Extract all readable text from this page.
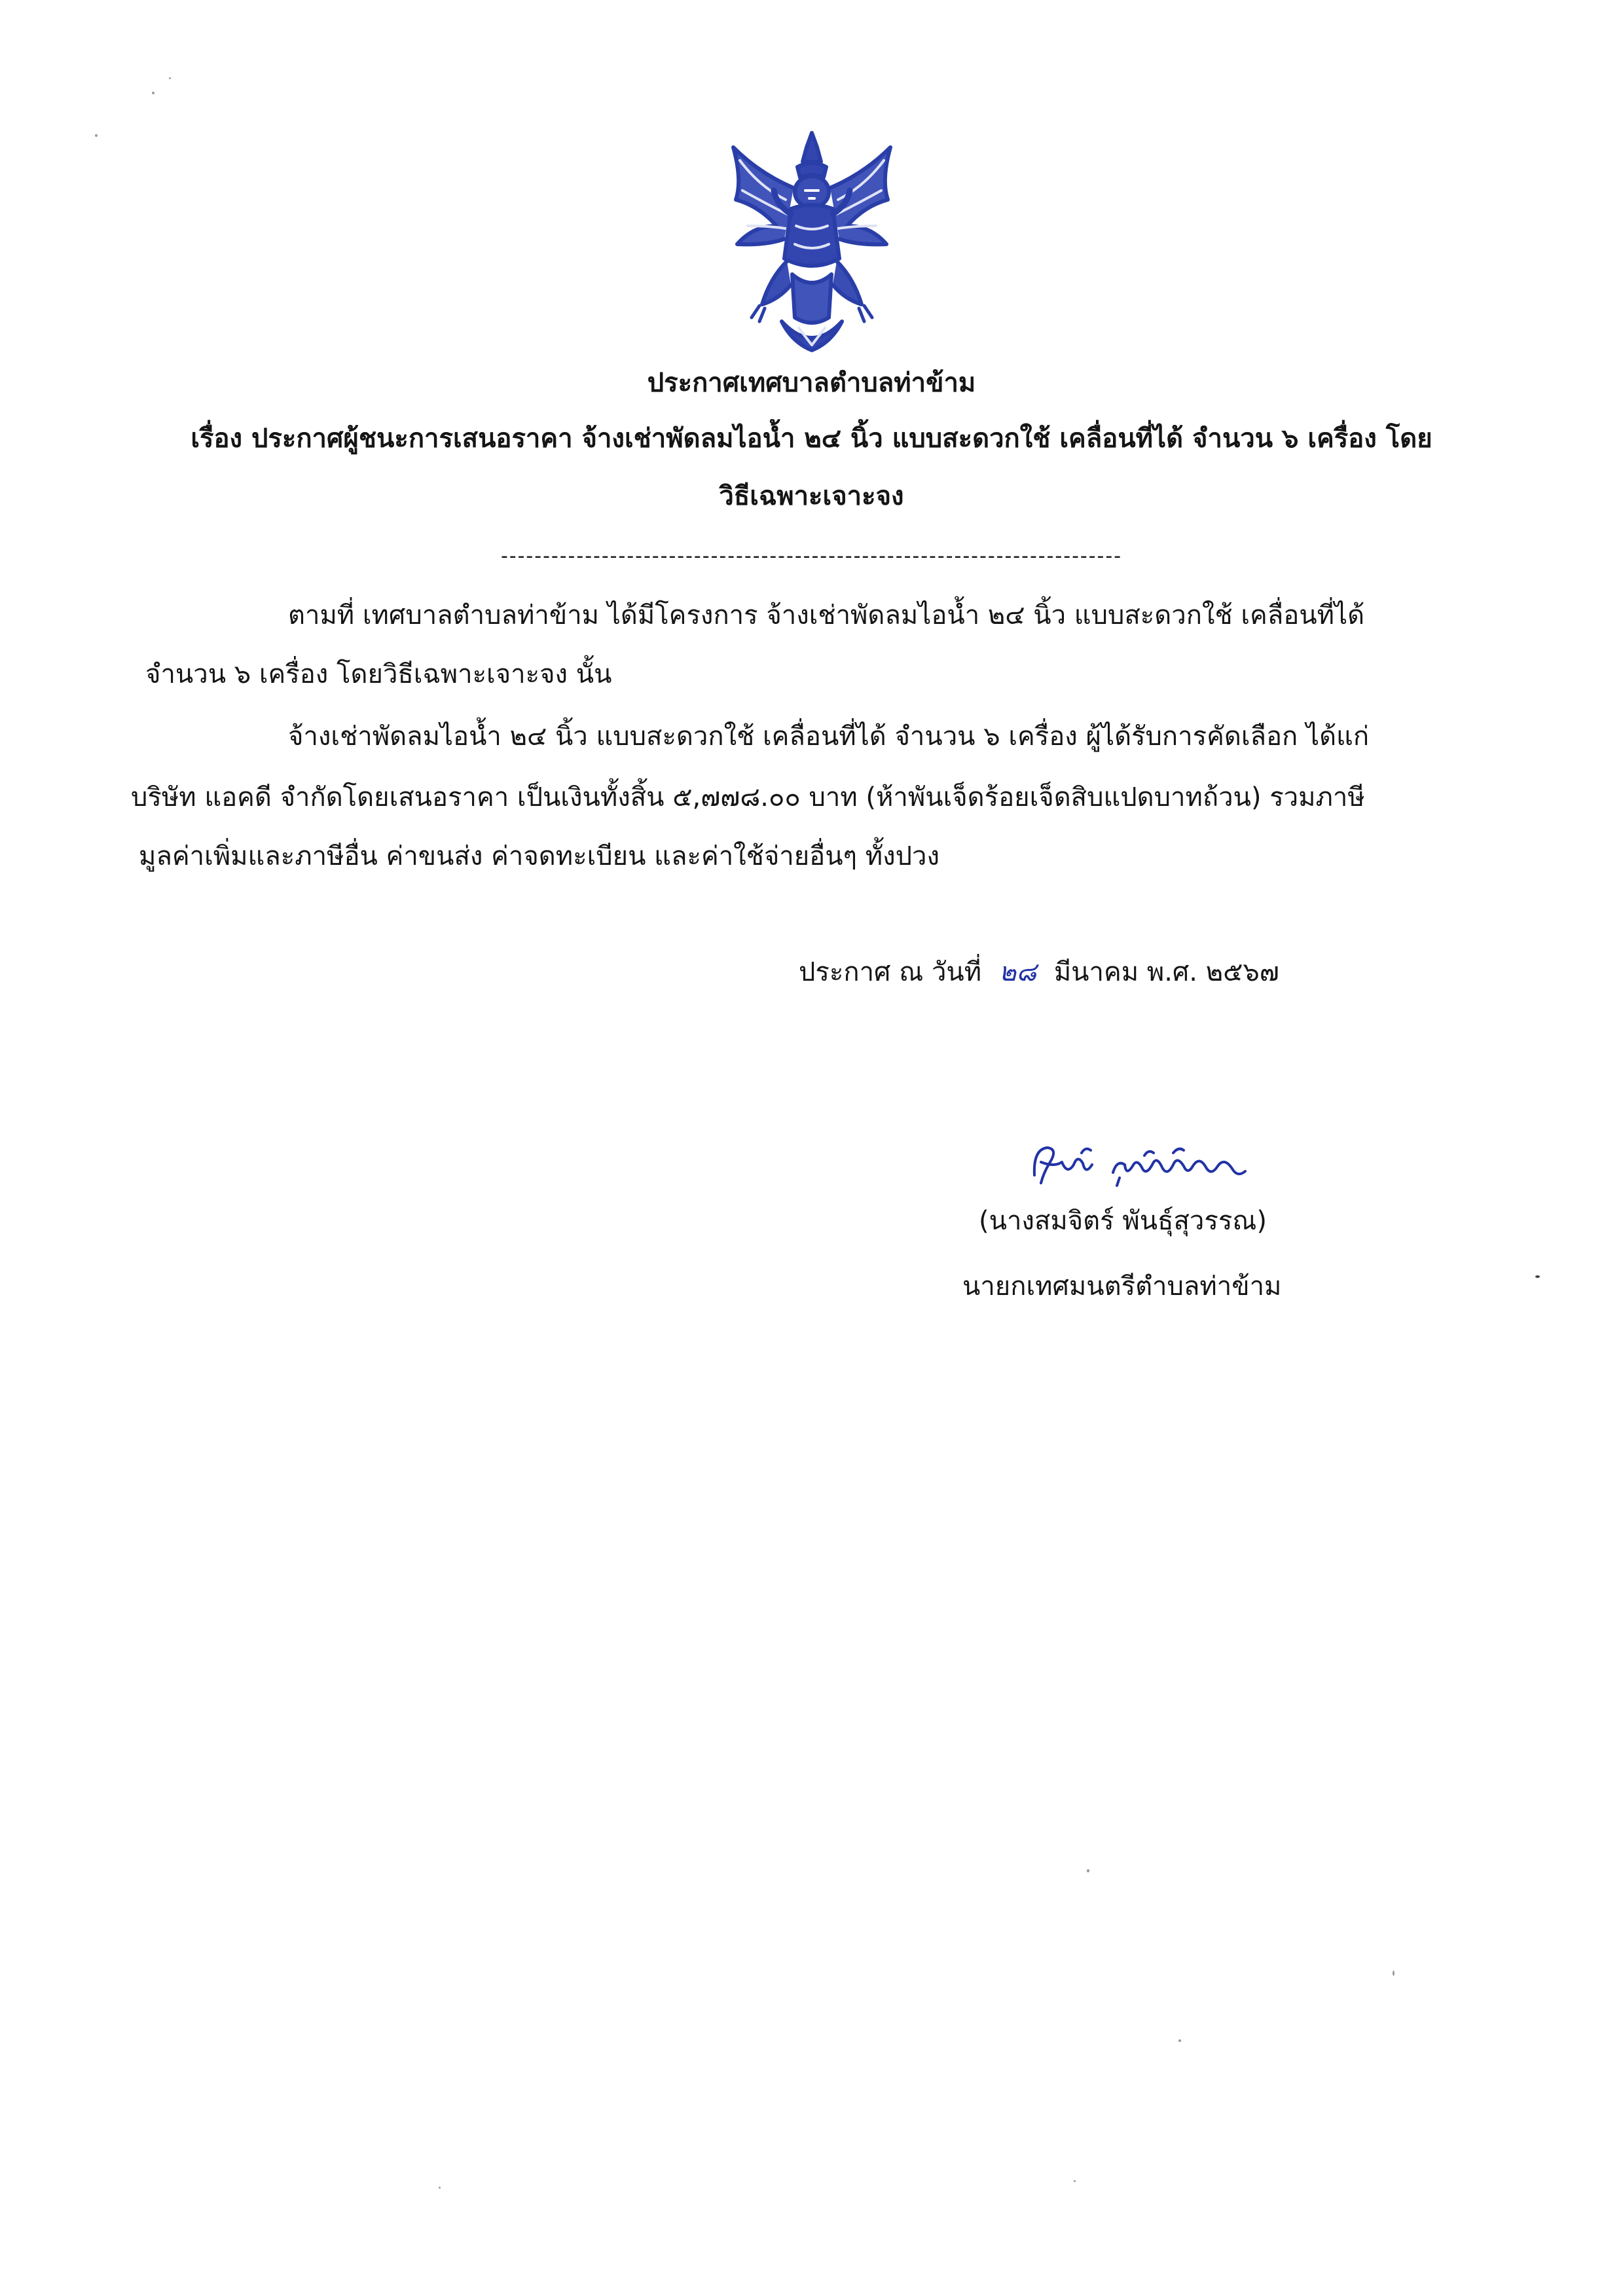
ประกาศเทศบาลตำบลท่าข้าม

เรื่อง ประกาศผู้ชนะการเสนอราคา จ้างเช่าพัดลมไอน้ำ ๒๔ นิ้ว แบบสะดวกใช้ เคลื่อนที่ได้ จำนวน ๖ เครื่อง โดย

วิธีเฉพาะเจาะจง

--------------------------------------------------------------------------

ตามที่ เทศบาลตำบลท่าข้าม ได้มีโครงการ จ้างเช่าพัดลมไอน้ำ ๒๔ นิ้ว แบบสะดวกใช้ เคลื่อนที่ได้

จำนวน ๖ เครื่อง โดยวิธีเฉพาะเจาะจง นั้น

จ้างเช่าพัดลมไอน้ำ ๒๔ นิ้ว แบบสะดวกใช้ เคลื่อนที่ได้ จำนวน ๖ เครื่อง ผู้ได้รับการคัดเลือก ได้แก่

บริษัท แอคดี จำกัดโดยเสนอราคา เป็นเงินทั้งสิ้น ๕,๗๗๘.๐๐ บาท (ห้าพันเจ็ดร้อยเจ็ดสิบแปดบาทถ้วน) รวมภาษี

มูลค่าเพิ่มและภาษีอื่น ค่าขนส่ง ค่าจดทะเบียน และค่าใช้จ่ายอื่นๆ ทั้งปวง

ประกาศ ณ วันที่ ๒๘ มีนาคม พ.ศ. ๒๕๖๗

(นางสมจิตร์ พันธุ์สุวรรณ)

นายกเทศมนตรีตำบลท่าข้าม
